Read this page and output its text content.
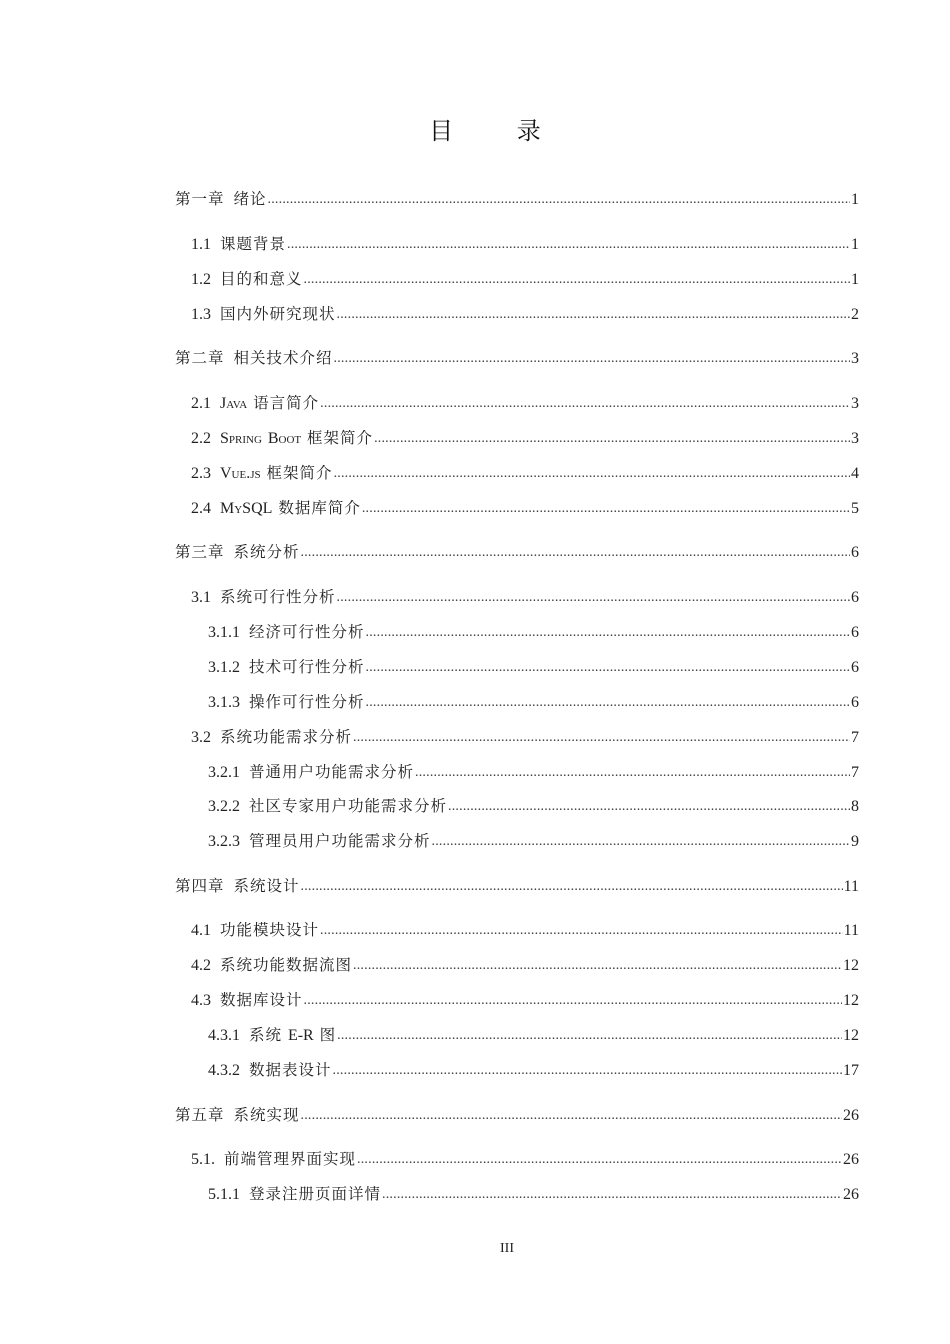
目 录
第一章 绪论 .....	1
1.1 课题背景 .....	1
1.2 目的和意义 .....	1
1.3 国内外研究现状 .....	2
第二章 相关技术介绍 .....	3
2.1 Java 语言简介 .....	3
2.2 Spring Boot 框架简介 .....	3
2.3 Vue.js 框架简介 .....	4
2.4 MySQL 数据库简介 .....	5
第三章 系统分析 .....	6
3.1 系统可行性分析 .....	6
3.1.1 经济可行性分析 .....	6
3.1.2 技术可行性分析 .....	6
3.1.3 操作可行性分析 .....	6
3.2 系统功能需求分析 .....	7
3.2.1 普通用户功能需求分析 .....	7
3.2.2 社区专家用户功能需求分析 .....	8
3.2.3 管理员用户功能需求分析 .....	9
第四章 系统设计 .....	11
4.1 功能模块设计 .....	11
4.2 系统功能数据流图 .....	12
4.3 数据库设计 .....	12
4.3.1 系统 E-R 图 .....	12
4.3.2 数据表设计 .....	17
第五章 系统实现 .....	26
5.1. 前端管理界面实现 .....	26
5.1.1 登录注册页面详情 .....	26
III
